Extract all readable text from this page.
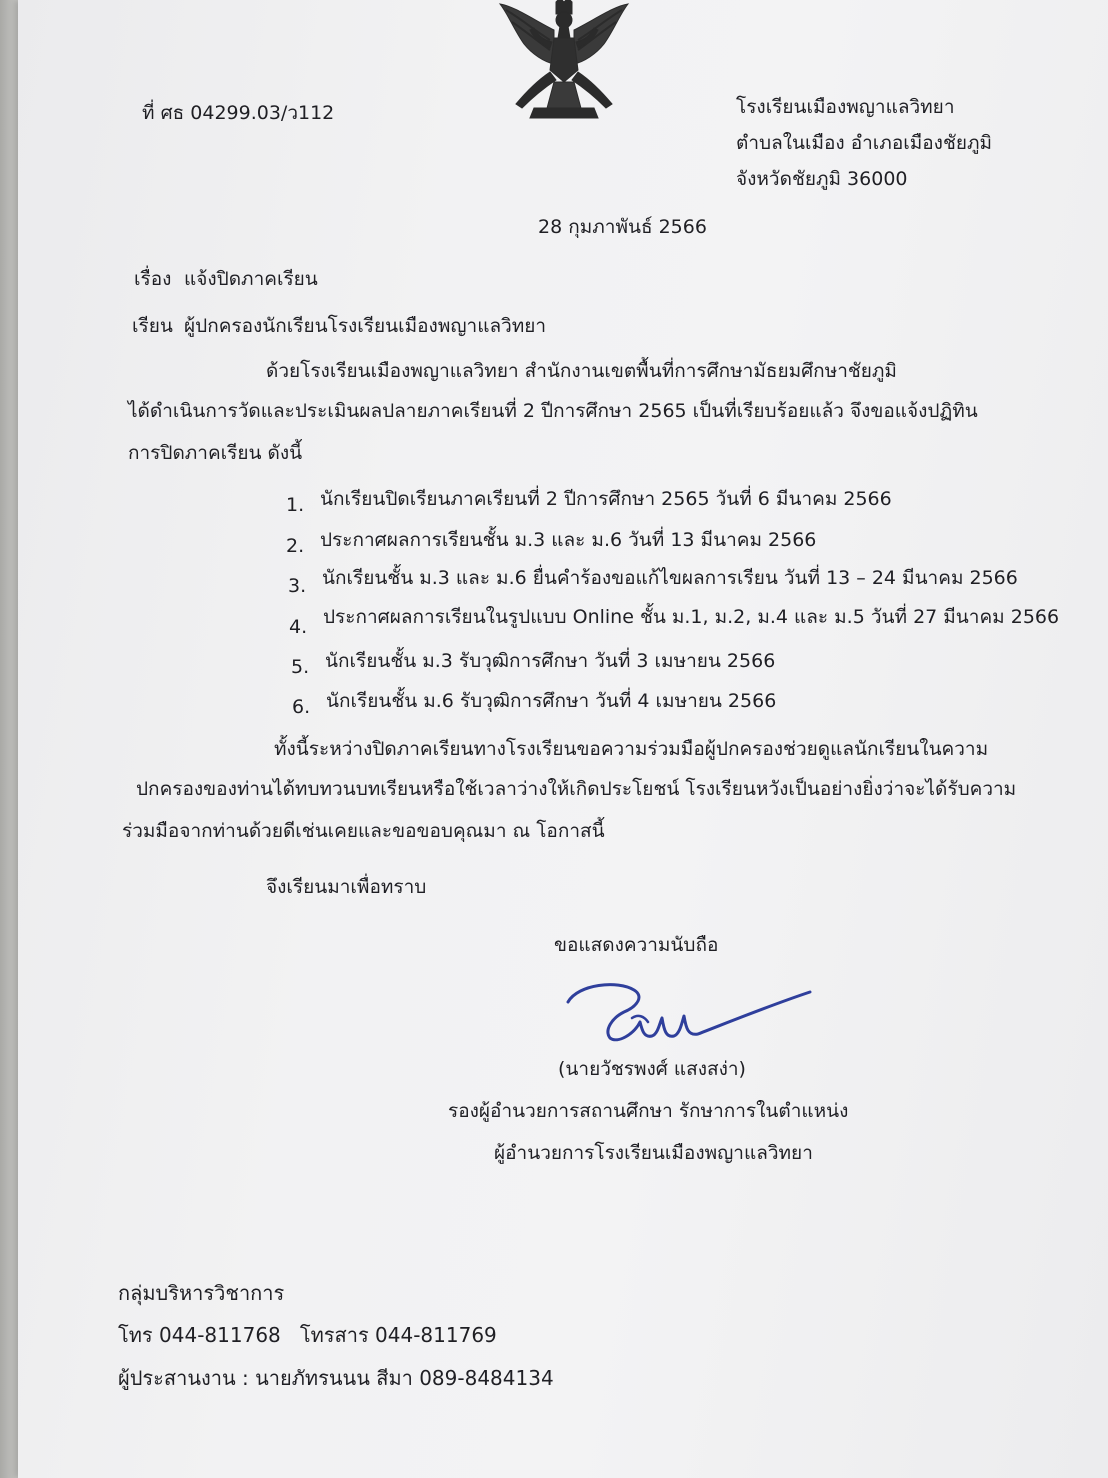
ที่ ศธ 04299.03/ว112	โรงเรียนเมืองพญาแลวิทยา
ตำบลในเมือง อำเภอเมืองชัยภูมิ
จังหวัดชัยภูมิ 36000
28 กุมภาพันธ์ 2566
เรื่อง แจ้งปิดภาคเรียน
เรียน ผู้ปกครองนักเรียนโรงเรียนเมืองพญาแลวิทยา
ด้วยโรงเรียนเมืองพญาแลวิทยา สำนักงานเขตพื้นที่การศึกษามัธยมศึกษาชัยภูมิ
ได้ดำเนินการวัดและประเมินผลปลายภาคเรียนที่ 2 ปีการศึกษา 2565 เป็นที่เรียบร้อยแล้ว จึงขอแจ้งปฏิทิน
การปิดภาคเรียน ดังนี้
1. นักเรียนปิดเรียนภาคเรียนที่ 2 ปีการศึกษา 2565 วันที่ 6 มีนาคม 2566
2. ประกาศผลการเรียนชั้น ม.3 และ ม.6 วันที่ 13 มีนาคม 2566
3. นักเรียนชั้น ม.3 และ ม.6 ยื่นคำร้องขอแก้ไขผลการเรียน วันที่ 13 – 24 มีนาคม 2566
4. ประกาศผลการเรียนในรูปแบบ Online ชั้น ม.1, ม.2, ม.4 และ ม.5 วันที่ 27 มีนาคม 2566
5. นักเรียนชั้น ม.3 รับวุฒิการศึกษา วันที่ 3 เมษายน 2566
6. นักเรียนชั้น ม.6 รับวุฒิการศึกษา วันที่ 4 เมษายน 2566
ทั้งนี้ระหว่างปิดภาคเรียนทางโรงเรียนขอความร่วมมือผู้ปกครองช่วยดูแลนักเรียนในความ
ปกครองของท่านได้ทบทวนบทเรียนหรือใช้เวลาว่างให้เกิดประโยชน์ โรงเรียนหวังเป็นอย่างยิ่งว่าจะได้รับความ
ร่วมมือจากท่านด้วยดีเช่นเคยและขอขอบคุณมา ณ โอกาสนี้
จึงเรียนมาเพื่อทราบ
ขอแสดงความนับถือ
(นายวัชรพงศ์ แสงสง่า)
รองผู้อำนวยการสถานศึกษา รักษาการในตำแหน่ง
ผู้อำนวยการโรงเรียนเมืองพญาแลวิทยา
กลุ่มบริหารวิชาการ
โทร 044-811768   โทรสาร 044-811769
ผู้ประสานงาน : นายภัทรนนน สีมา 089-8484134
